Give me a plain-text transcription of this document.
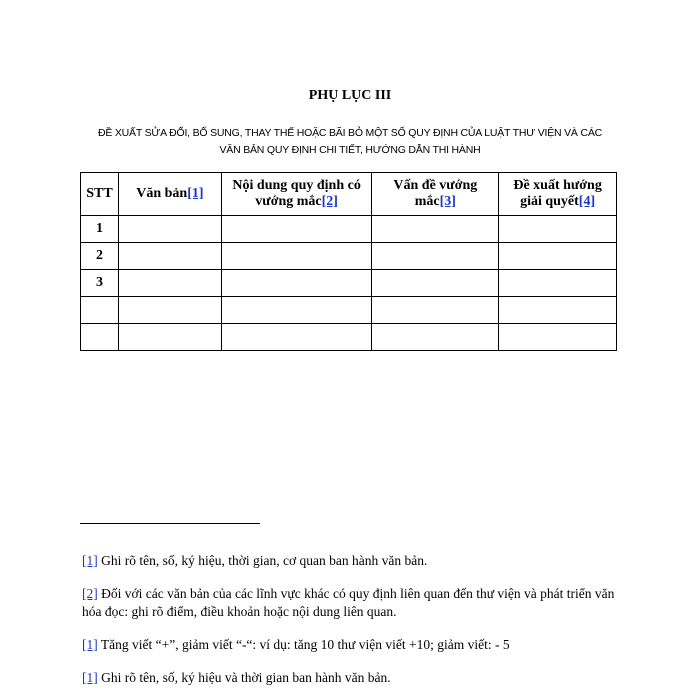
PHỤ LỤC III
ĐỀ XUẤT SỬA ĐỔI, BỔ SUNG, THAY THẾ HOẶC BÃI BỎ MỘT SỐ QUY ĐỊNH CỦA LUẬT THƯ VIỆN VÀ CÁC
VĂN BẢN QUY ĐỊNH CHI TIẾT, HƯỚNG DẪN THI HÀNH
STT	Văn bản[1]	Nội dung quy định có vướng mắc[2]	Vấn đề vướng mắc[3]	Đề xuất hướng giải quyết[4]
1				
2				
3				

[1] Ghi rõ tên, số, ký hiệu, thời gian, cơ quan ban hành văn bản.
[2] Đối với các văn bản của các lĩnh vực khác có quy định liên quan đến thư viện và phát triển văn hóa đọc: ghi rõ điểm, điều khoản hoặc nội dung liên quan.
[1] Tăng viết “+”, giảm viết “-“: ví dụ: tăng 10 thư viện viết +10; giảm viết: - 5
[1] Ghi rõ tên, số, ký hiệu và thời gian ban hành văn bản.
